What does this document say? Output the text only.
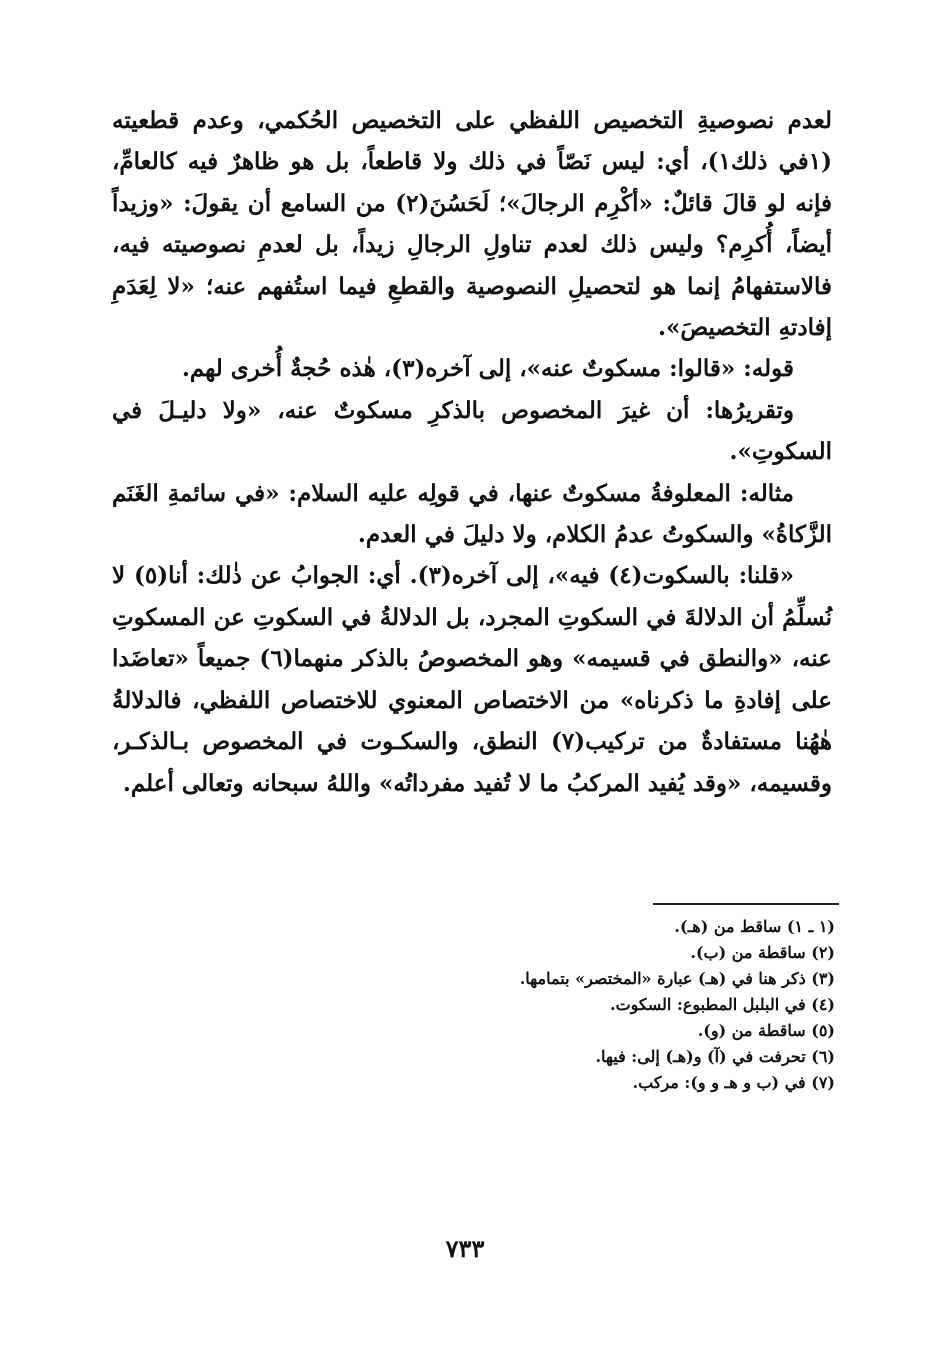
لعدم نصوصيةِ التخصيص اللفظي على التخصيص الحُكمي، وعدم قطعيته (١في ذلك١)، أي: ليس نَصّاً في ذلك ولا قاطعاً، بل هو ظاهرٌ فيه كالعامِّ، فإنه لو قالَ قائلٌ: «أكْرِم الرجالَ»؛ لَحَسُنَ(٢) من السامع أن يقولَ: «وزيداً أيضاً، أُكرِم؟ وليس ذلك لعدم تناولِ الرجالِ زيداً، بل لعدمِ نصوصيته فيه، فالاستفهامُ إنما هو لتحصيلِ النصوصية والقطعِ فيما استُفهم عنه؛ «لا لِعَدَمِ إفادتهِ التخصيصَ».

قوله: «قالوا: مسكوتٌ عنه»، إلى آخره(٣)، هٰذه حُجةٌ أُخرى لهم.

وتقريرُها: أن غيرَ المخصوص بالذكرِ مسكوتٌ عنه، «ولا دليـلَ في السكوتِ».

مثاله: المعلوفةُ مسكوتٌ عنها، في قولِه عليه السلام: «في سائمةِ الغَنَم الزَّكاةُ» والسكوتُ عدمُ الكلام، ولا دليلَ في العدم.

«قلنا: بالسكوت(٤) فيه»، إلى آخره(٣). أي: الجوابُ عن ذٰلك: أنا(٥) لا نُسلِّمُ أن الدلالةَ في السكوتِ المجرد، بل الدلالةُ في السكوتِ عن المسكوتِ عنه، «والنطق في قسيمه» وهو المخصوصُ بالذكر منهما(٦) جميعاً «تعاضَدا على إفادةِ ما ذكرناه» من الاختصاص المعنوي للاختصاص اللفظي، فالدلالةُ هٰهُنا مستفادةٌ من تركيب(٧) النطق، والسكـوت في المخصوص بـالذكـر، وقسيمه، «وقد يُفيد المركبُ ما لا تُفيد مفرداتُه» واللهُ سبحانه وتعالى أعلم.

(١ ـ ١) ساقط من (هـ).

(٢) ساقطة من (ب).

(٣) ذكر هنا في (هـ) عبارة «المختصر» بتمامها.

(٤) في البلبل المطبوع: السكوت.

(٥) ساقطة من (و).

(٦) تحرفت في (آ) و(هـ) إلى: فيها.

(٧) في (ب و هـ و و): مركب.

٧٣٣
